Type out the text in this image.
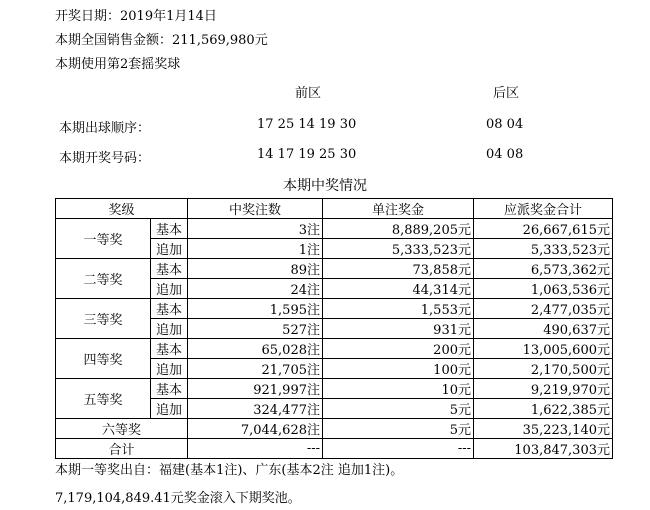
开奖日期：2019年1月14日
本期全国销售金额：211,569,980元
本期使用第2套摇奖球
前区	后区
本期出球顺序：	17 25 14 19 30	08 04
本期开奖号码：	14 17 19 25 30	04 08
本期中奖情况
奖级		中奖注数	单注奖金	应派奖金合计
一等奖	基本	3注	8,889,205元	26,667,615元
	追加	1注	5,333,523元	5,333,523元
二等奖	基本	89注	73,858元	6,573,362元
	追加	24注	44,314元	1,063,536元
三等奖	基本	1,595注	1,553元	2,477,035元
	追加	527注	931元	490,637元
四等奖	基本	65,028注	200元	13,005,600元
	追加	21,705注	100元	2,170,500元
五等奖	基本	921,997注	10元	9,219,970元
	追加	324,477注	5元	1,622,385元
六等奖		7,044,628注	5元	35,223,140元
合计		---	---	103,847,303元
本期一等奖出自：福建(基本1注)、广东(基本2注 追加1注)。
7,179,104,849.41元奖金滚入下期奖池。
